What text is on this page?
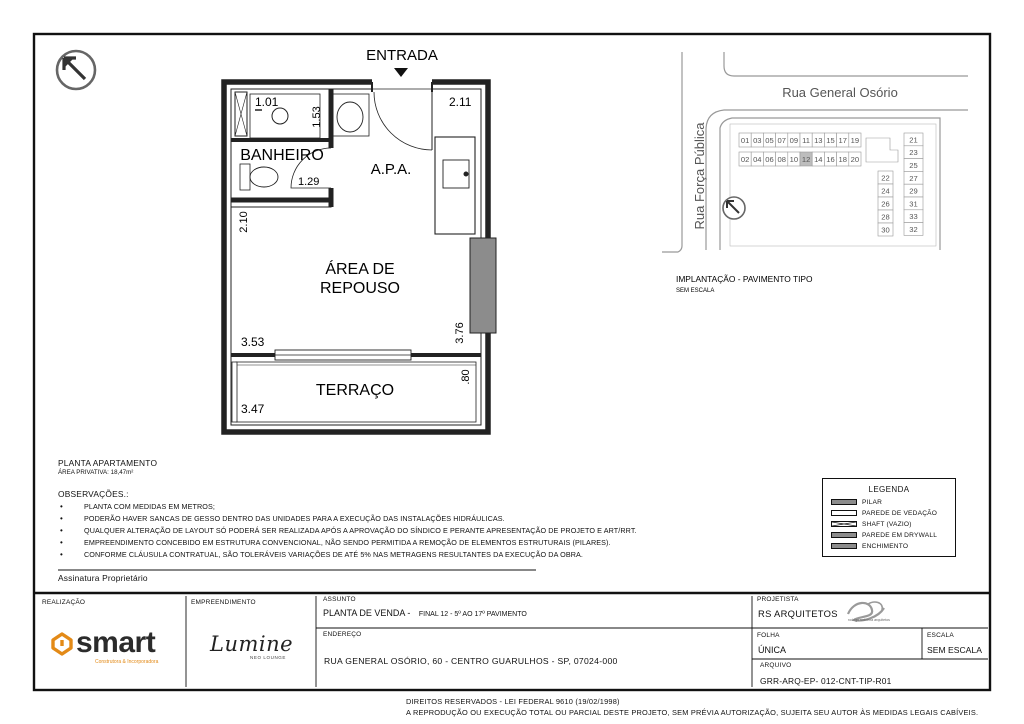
ENTRADA
BANHEIRO
A.P.A.
ÁREA DE
REPOUSO
TERRAÇO
1.01
1.53
2.11
1.29
2.10
3.76
3.53
.80
3.47
Rua General Osório
Rua Força Pública	01 03 05 07 09 11 13 15 17 19
02 04 06 08 10 12 14 16 18 20
22
24
26
28
30
21
23
25
27
29
31
33
32
IMPLANTAÇÃO - PAVIMENTO TIPO
SEM ESCALA
PLANTA APARTAMENTO
ÁREA PRIVATIVA: 18,47m²
OBSERVAÇÕES.:
• PLANTA COM MEDIDAS EM METROS;
• PODERÃO HAVER SANCAS DE GESSO DENTRO DAS UNIDADES PARA A EXECUÇÃO DAS INSTALAÇÕES HIDRÁULICAS.
• QUALQUER ALTERAÇÃO DE LAYOUT SÓ PODERÁ SER REALIZADA APÓS A APROVAÇÃO DO SÍNDICO E PERANTE APRESENTAÇÃO DE PROJETO E ART/RRT.
• EMPREENDIMENTO CONCEBIDO EM ESTRUTURA CONVENCIONAL, NÃO SENDO PERMITIDA A REMOÇÃO DE ELEMENTOS ESTRUTURAIS (PILARES).
• CONFORME CLÁUSULA CONTRATUAL, SÃO TOLERÁVEIS VARIAÇÕES DE ATÉ 5% NAS METRAGENS RESULTANTES DA EXECUÇÃO DA OBRA.
Assinatura Proprietário
LEGENDA
PILAR
PAREDE DE VEDAÇÃO
SHAFT (VAZIO)
PAREDE EM DRYWALL
ENCHIMENTO
REALIZAÇÃO	EMPREENDIMENTO	ASSUNTO
PLANTA DE VENDA - FINAL 12 - 5º AO 17º PAVIMENTO
ENDEREÇO
RUA GENERAL OSÓRIO, 60 - CENTRO GUARULHOS - SP, 07024-000
PROJETISTA
RS ARQUITETOS
rodrigo sobreira arquitetos
FOLHA
ÚNICA
ESCALA
SEM ESCALA
ARQUIVO
GRR-ARQ-EP- 012-CNT-TIP-R01
smart
Construtora & Incorporadora
Lumine
NEO LOUNGE
DIREITOS RESERVADOS - LEI FEDERAL 9610 (19/02/1998)
A REPRODUÇÃO OU EXECUÇÃO TOTAL OU PARCIAL DESTE PROJETO, SEM PRÉVIA AUTORIZAÇÃO, SUJEITA SEU AUTOR ÀS MEDIDAS LEGAIS CABÍVEIS.
